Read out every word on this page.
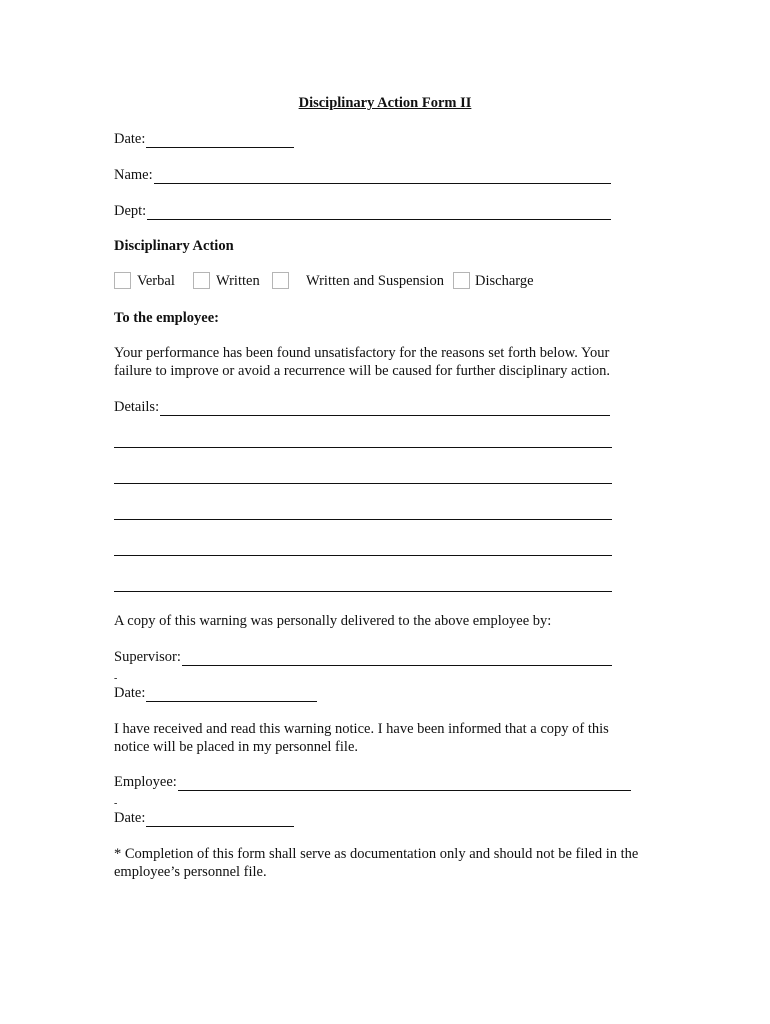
Disciplinary Action Form II
Date:
Name:
Dept:
Disciplinary Action
Verbal	Written	Written and Suspension Discharge
To the employee:
Your performance has been found unsatisfactory for the reasons set forth below. Your failure to improve or avoid a recurrence will be caused for further disciplinary action.
Details:
A copy of this warning was personally delivered to the above employee by:
Supervisor:
-
Date:
I have received and read this warning notice. I have been informed that a copy of this notice will be placed in my personnel file.
Employee:
-
Date:
* Completion of this form shall serve as documentation only and should not be filed in the employee’s personnel file.
